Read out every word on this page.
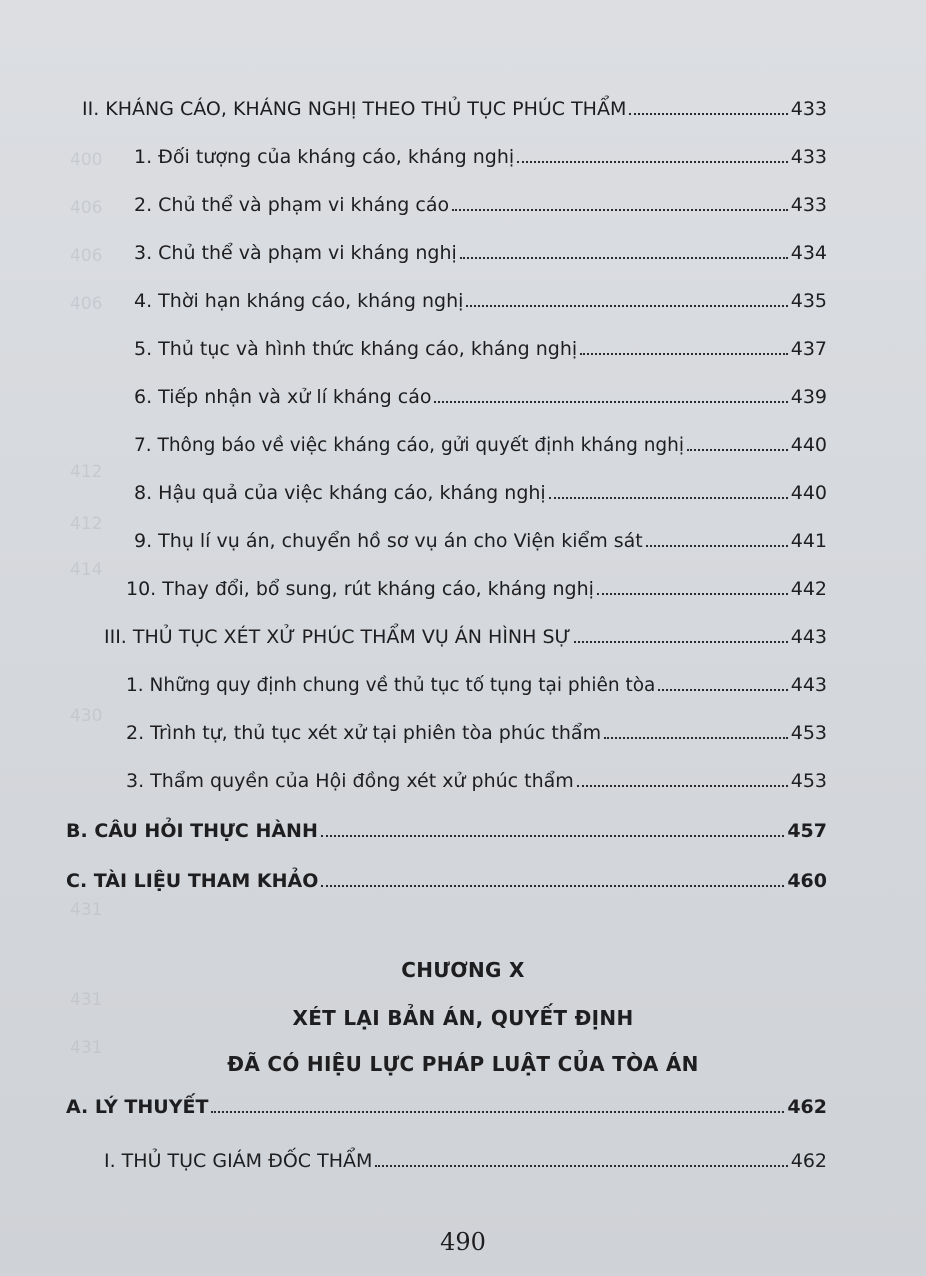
400
406
406
406
412
412
414
430
431
431
431
II. KHÁNG CÁO, KHÁNG NGHỊ THEO THỦ TỤC PHÚC THẨM	433
1. Đối tượng của kháng cáo, kháng nghị	433
2. Chủ thể và phạm vi kháng cáo	433
3. Chủ thể và phạm vi kháng nghị	434
4. Thời hạn kháng cáo, kháng nghị	435
5. Thủ tục và hình thức kháng cáo, kháng nghị	437
6. Tiếp nhận và xử lí kháng cáo	439
7. Thông báo về việc kháng cáo, gửi quyết định kháng nghị	440
8. Hậu quả của việc kháng cáo, kháng nghị	440
9. Thụ lí vụ án, chuyển hồ sơ vụ án cho Viện kiểm sát	441
10. Thay đổi, bổ sung, rút kháng cáo, kháng nghị	442
III. THỦ TỤC XÉT XỬ PHÚC THẨM VỤ ÁN HÌNH SỰ	443
1. Những quy định chung về thủ tục tố tụng tại phiên tòa	443
2. Trình tự, thủ tục xét xử tại phiên tòa phúc thẩm	453
3. Thẩm quyền của Hội đồng xét xử phúc thẩm	453
B. CÂU HỎI THỰC HÀNH	457
C. TÀI LIỆU THAM KHẢO	460
CHƯƠNG X
XÉT LẠI BẢN ÁN, QUYẾT ĐỊNH
ĐÃ CÓ HIỆU LỰC PHÁP LUẬT CỦA TÒA ÁN
A. LÝ THUYẾT	462
I. THỦ TỤC GIÁM ĐỐC THẨM	462
490
